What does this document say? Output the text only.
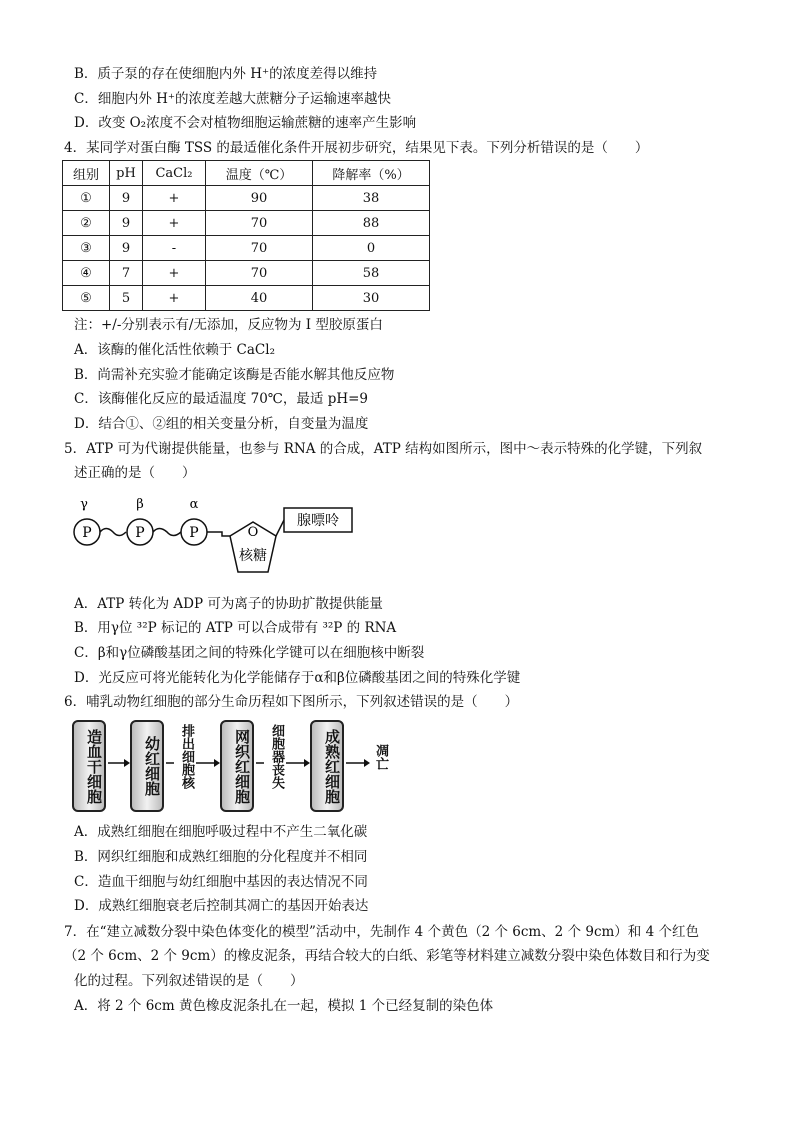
B．质子泵的存在使细胞内外 H⁺的浓度差得以维持
C．细胞内外 H⁺的浓度差越大蔗糖分子运输速率越快
D．改变 O₂浓度不会对植物细胞运输蔗糖的速率产生影响
4．某同学对蛋白酶 TSS 的最适催化条件开展初步研究，结果见下表。下列分析错误的是（　　）
组别	pH	CaCl₂	温度（℃）	降解率（%）
①	9	+	90	38
②	9	+	70	88
③	9	-	70	0
④	7	+	70	58
⑤	5	+	40	30
注：+/-分别表示有/无添加，反应物为 I 型胶原蛋白
A．该酶的催化活性依赖于 CaCl₂
B．尚需补充实验才能确定该酶是否能水解其他反应物
C．该酶催化反应的最适温度 70℃，最适 pH=9
D．结合①、②组的相关变量分析，自变量为温度
5．ATP 可为代谢提供能量，也参与 RNA 的合成，ATP 结构如图所示，图中～表示特殊的化学键，下列叙
述正确的是（　　）
γ	β	α
P	P	P	O
核糖
腺嘌呤
A．ATP 转化为 ADP 可为离子的协助扩散提供能量
B．用γ位 ³²P 标记的 ATP 可以合成带有 ³²P 的 RNA
C．β和γ位磷酸基团之间的特殊化学键可以在细胞核中断裂
D．光反应可将光能转化为化学能储存于α和β位磷酸基团之间的特殊化学键
6．哺乳动物红细胞的部分生命历程如下图所示，下列叙述错误的是（　　）
造血干细胞	幼红细胞 排出细胞核	网织红细胞 细胞器丧失	成熟红细胞 凋亡
A．成熟红细胞在细胞呼吸过程中不产生二氧化碳
B．网织红细胞和成熟红细胞的分化程度并不相同
C．造血干细胞与幼红细胞中基因的表达情况不同
D．成熟红细胞衰老后控制其凋亡的基因开始表达
7．在“建立减数分裂中染色体变化的模型”活动中，先制作 4 个黄色（2 个 6cm、2 个 9cm）和 4 个红色
（2 个 6cm、2 个 9cm）的橡皮泥条，再结合较大的白纸、彩笔等材料建立减数分裂中染色体数目和行为变
化的过程。下列叙述错误的是（　　）
A．将 2 个 6cm 黄色橡皮泥条扎在一起，模拟 1 个已经复制的染色体
